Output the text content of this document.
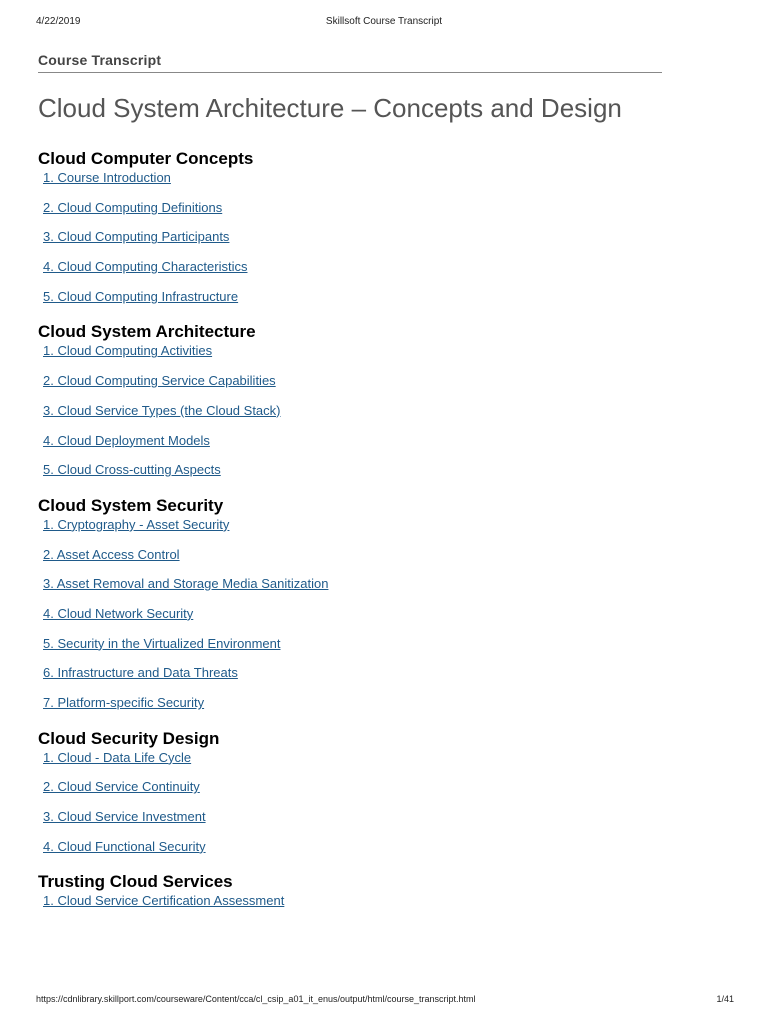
4/22/2019	Skillsoft Course Transcript
Course Transcript
Cloud System Architecture – Concepts and Design
Cloud Computer Concepts
1. Course Introduction
2. Cloud Computing Definitions
3. Cloud Computing Participants
4. Cloud Computing Characteristics
5. Cloud Computing Infrastructure
Cloud System Architecture
1. Cloud Computing Activities
2. Cloud Computing Service Capabilities
3. Cloud Service Types (the Cloud Stack)
4. Cloud Deployment Models
5. Cloud Cross-cutting Aspects
Cloud System Security
1. Cryptography - Asset Security
2. Asset Access Control
3. Asset Removal and Storage Media Sanitization
4. Cloud Network Security
5. Security in the Virtualized Environment
6. Infrastructure and Data Threats
7. Platform-specific Security
Cloud Security Design
1. Cloud - Data Life Cycle
2. Cloud Service Continuity
3. Cloud Service Investment
4. Cloud Functional Security
Trusting Cloud Services
1. Cloud Service Certification Assessment
https://cdnlibrary.skillport.com/courseware/Content/cca/cl_csip_a01_it_enus/output/html/course_transcript.html	1/41
